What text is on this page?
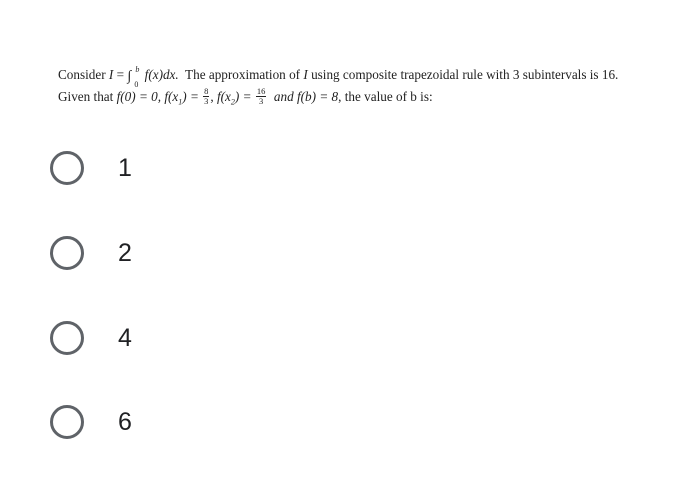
Consider I = ∫ b
0
f(x)dx.  The approximation of I using composite trapezoidal rule with 3 subintervals is 16.
Given that f(0) = 0, $f(x_1) = \frac{8}{3}$ , $f(x_2) = \frac{16}{3}$ and f(b) = 8, the value of b is:
1
2
4
6
